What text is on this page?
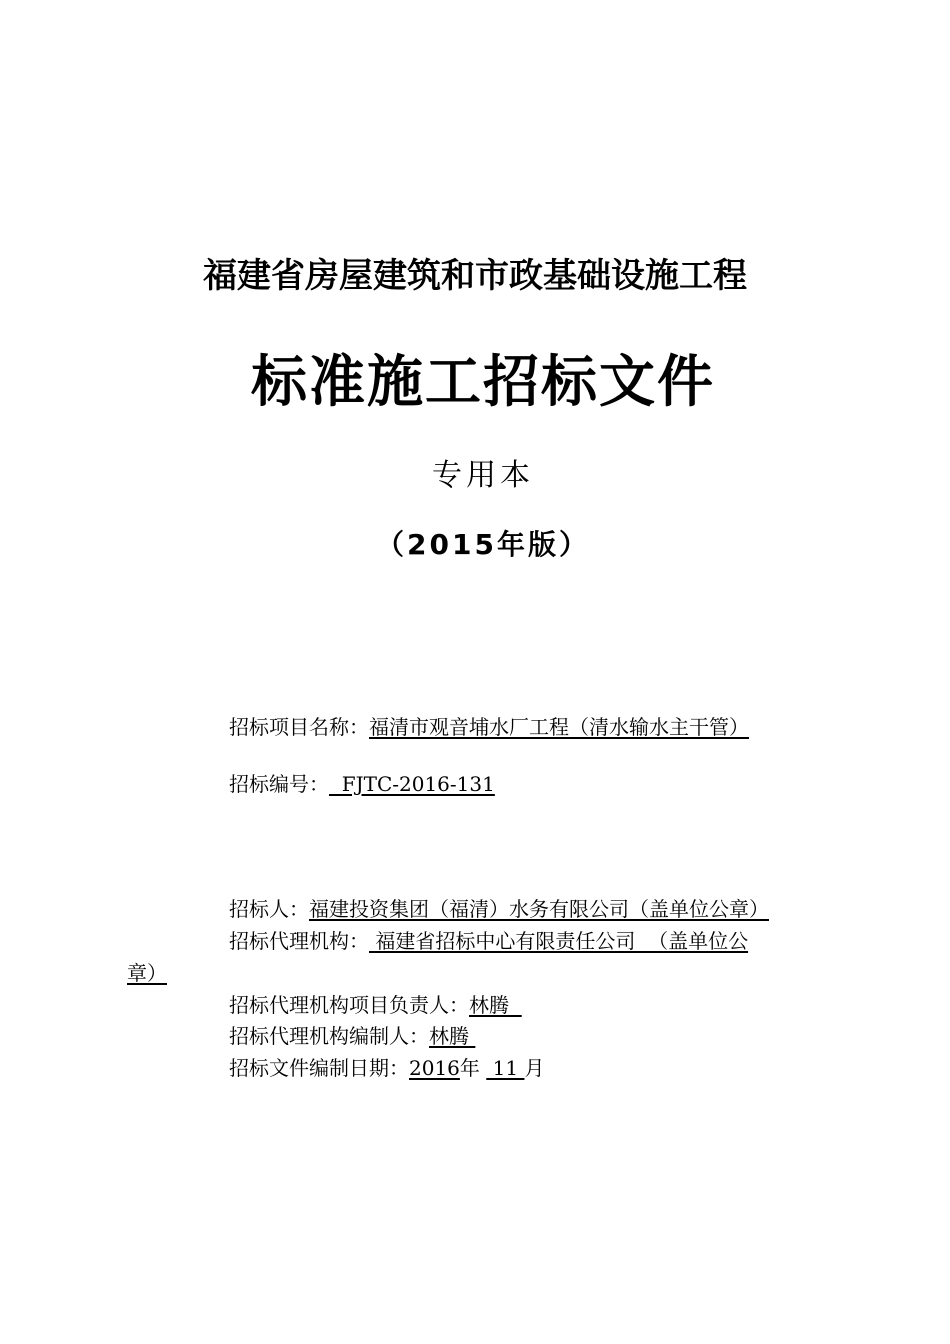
福建省房屋建筑和市政基础设施工程
标准施工招标文件
专用本
（2015年版）
招标项目名称：福清市观音埔水厂工程（清水输水主干管）
招标编号：  FJTC-2016-131
招标人：福建投资集团（福清）水务有限公司（盖单位公章）
招标代理机构： 福建省招标中心有限责任公司  （盖单位公
章）
招标代理机构项目负责人：林腾
招标代理机构编制人：林腾
招标文件编制日期：2016年  11 月
